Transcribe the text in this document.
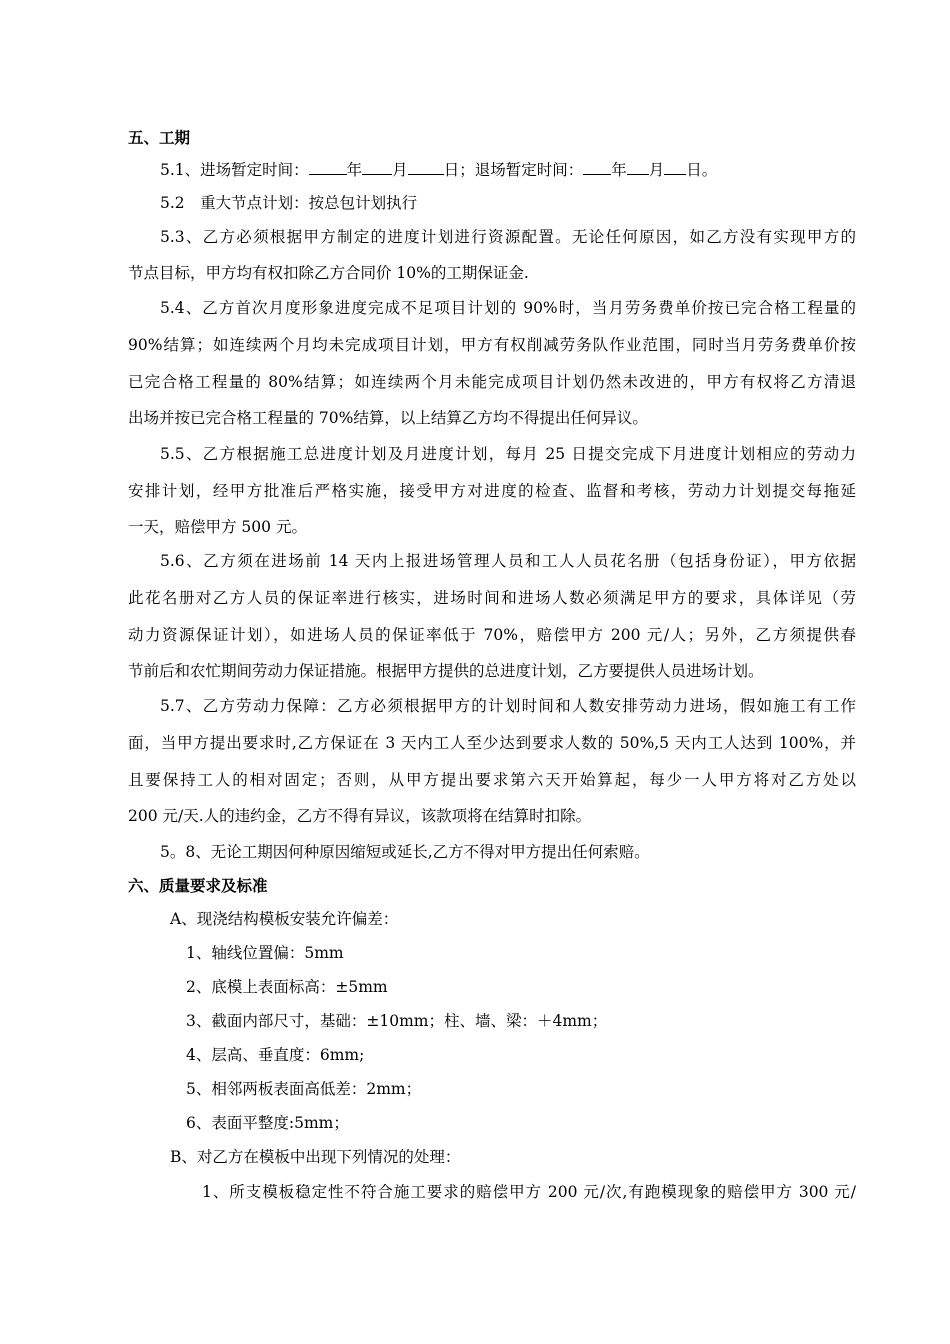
五、工期
5.1、进场暂定时间： 年 月 日；退场暂定时间： 年 月 日。
5.2　重大节点计划：按总包计划执行
5.3、乙方必须根据甲方制定的进度计划进行资源配置。无论任何原因，如乙方没有实现甲方的
节点目标，甲方均有权扣除乙方合同价 10%的工期保证金.
5.4、乙方首次月度形象进度完成不足项目计划的 90%时，当月劳务费单价按已完合格工程量的
90%结算；如连续两个月均未完成项目计划，甲方有权削减劳务队作业范围，同时当月劳务费单价按
已完合格工程量的 80%结算；如连续两个月未能完成项目计划仍然未改进的，甲方有权将乙方清退
出场并按已完合格工程量的 70%结算，以上结算乙方均不得提出任何异议。
5.5、乙方根据施工总进度计划及月进度计划，每月 25 日提交完成下月进度计划相应的劳动力
安排计划，经甲方批准后严格实施，接受甲方对进度的检查、监督和考核，劳动力计划提交每拖延
一天，赔偿甲方 500 元。
5.6、乙方须在进场前 14 天内上报进场管理人员和工人人员花名册（包括身份证），甲方依据
此花名册对乙方人员的保证率进行核实，进场时间和进场人数必须满足甲方的要求，具体详见（劳
动力资源保证计划），如进场人员的保证率低于 70%，赔偿甲方 200 元/人；另外，乙方须提供春
节前后和农忙期间劳动力保证措施。根据甲方提供的总进度计划，乙方要提供人员进场计划。
5.7、乙方劳动力保障：乙方必须根据甲方的计划时间和人数安排劳动力进场，假如施工有工作
面，当甲方提出要求时,乙方保证在 3 天内工人至少达到要求人数的 50%,5 天内工人达到 100%，并
且要保持工人的相对固定；否则，从甲方提出要求第六天开始算起，每少一人甲方将对乙方处以
200 元/天.人的违约金，乙方不得有异议，该款项将在结算时扣除。
5。8、无论工期因何种原因缩短或延长,乙方不得对甲方提出任何索赔。
六、质量要求及标准
A、现浇结构模板安装允许偏差：
1、轴线位置偏：5mm
2、底模上表面标高：±5mm
3、截面内部尺寸，基础：±10mm；柱、墙、梁：＋4mm；
4、层高、垂直度：6mm;
5、相邻两板表面高低差：2mm；
6、表面平整度:5mm；
B、对乙方在模板中出现下列情况的处理：
1、所支模板稳定性不符合施工要求的赔偿甲方 200 元/次,有跑模现象的赔偿甲方 300 元/
